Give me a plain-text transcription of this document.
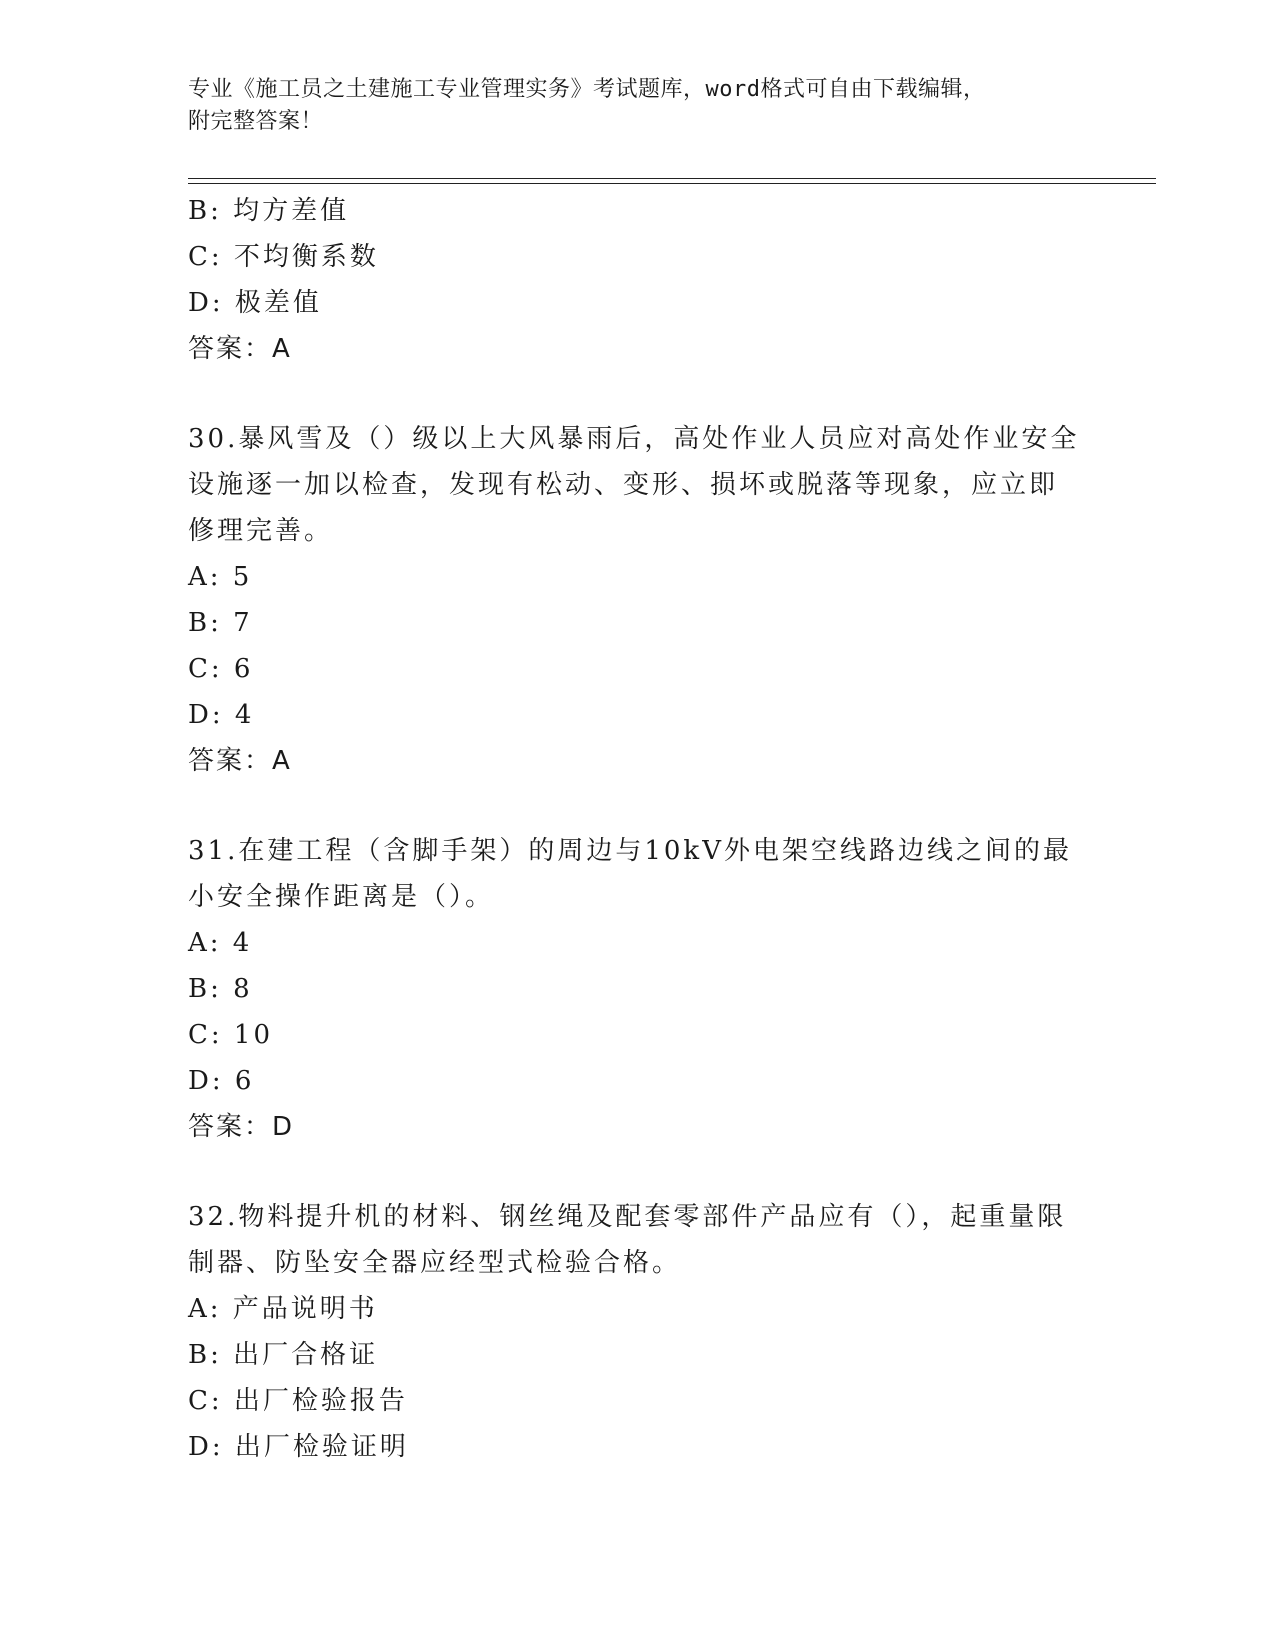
专业《施工员之土建施工专业管理实务》考试题库，word格式可自由下载编辑，
附完整答案！
B: 均方差值
C: 不均衡系数
D: 极差值
答案：A
30.暴风雪及（）级以上大风暴雨后，高处作业人员应对高处作业安全
设施逐一加以检查，发现有松动、变形、损坏或脱落等现象，应立即
修理完善。
A: 5
B: 7
C: 6
D: 4
答案：A
31.在建工程（含脚手架）的周边与10kV外电架空线路边线之间的最
小安全操作距离是（）。
A: 4
B: 8
C: 10
D: 6
答案：D
32.物料提升机的材料、钢丝绳及配套零部件产品应有（），起重量限
制器、防坠安全器应经型式检验合格。
A: 产品说明书
B: 出厂合格证
C: 出厂检验报告
D: 出厂检验证明
